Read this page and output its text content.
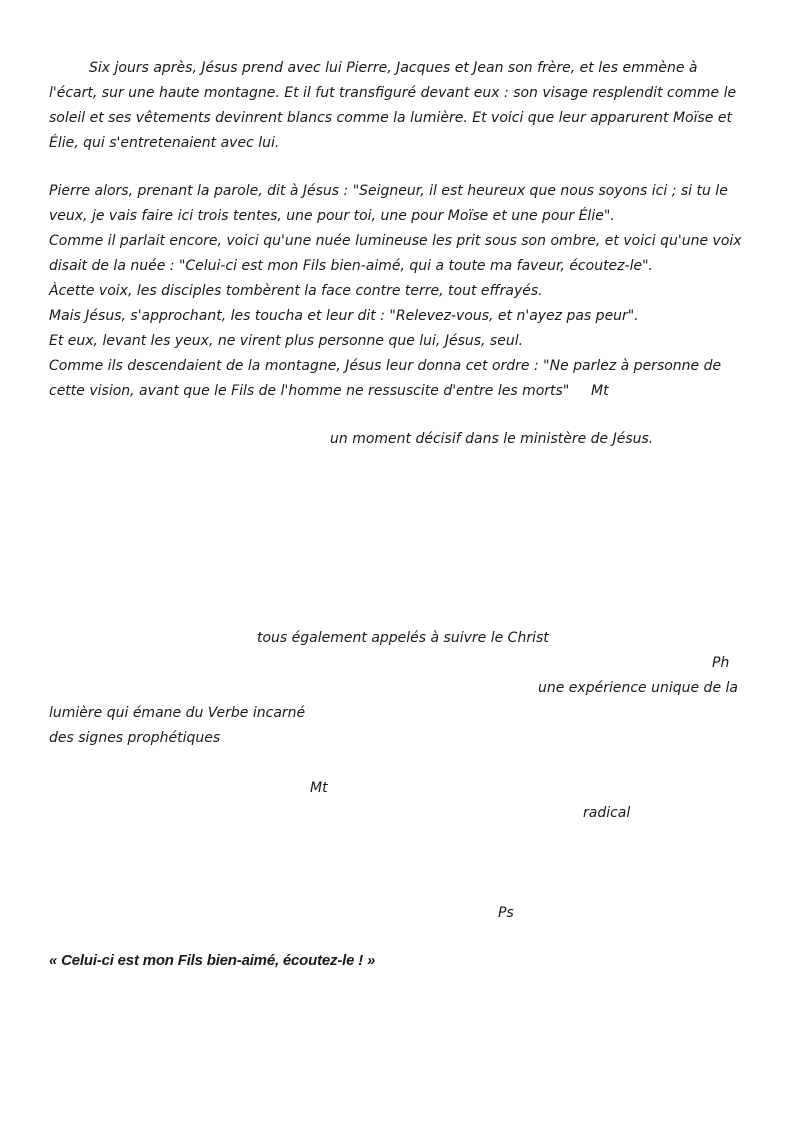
Six jours après, Jésus prend avec lui Pierre, Jacques et Jean son frère, et les emmène à
l'écart, sur une haute montagne. Et il fut transfiguré devant eux : son visage resplendit comme le
soleil et ses vêtements devinrent blancs comme la lumière. Et voici que leur apparurent Moïse et
Élie, qui s'entretenaient avec lui.
Pierre alors, prenant la parole, dit à Jésus : "Seigneur, il est heureux que nous soyons ici ; si tu le
veux, je vais faire ici trois tentes, une pour toi, une pour Moïse et une pour Élie".
Comme il parlait encore, voici qu'une nuée lumineuse les prit sous son ombre, et voici qu'une voix
disait de la nuée : "Celui-ci est mon Fils bien-aimé, qui a toute ma faveur, écoutez-le".
Àcette voix, les disciples tombèrent la face contre terre, tout effrayés.
Mais Jésus, s'approchant, les toucha et leur dit : "Relevez-vous, et n'ayez pas peur".
Et eux, levant les yeux, ne virent plus personne que lui, Jésus, seul.
Comme ils descendaient de la montagne, Jésus leur donna cet ordre : "Ne parlez à personne de
cette vision, avant que le Fils de l'homme ne ressuscite d'entre les morts" Mt
un moment décisif dans le ministère de Jésus.
tous également appelés à suivre le Christ
Ph
une expérience unique de la
lumière qui émane du Verbe incarné
des signes prophétiques
Mt
radical
Ps
« Celui-ci est mon Fils bien-aimé, écoutez-le ! »
